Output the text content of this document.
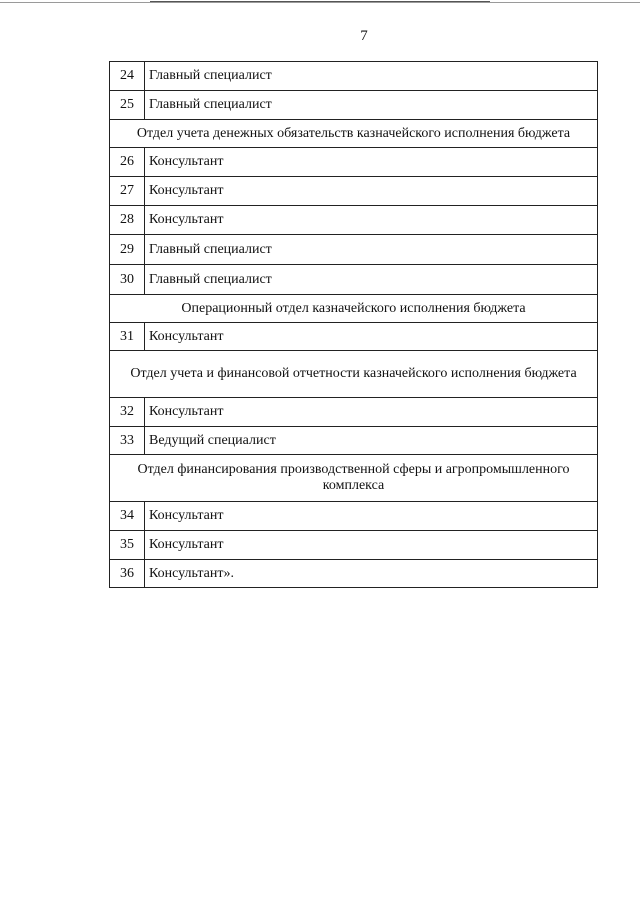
7
24	Главный специалист
25	Главный специалист
Отдел учета денежных обязательств казначейского исполнения бюджета	
26	Консультант
27	Консультант
28	Консультант
29	Главный специалист
30	Главный специалист
Операционный отдел казначейского исполнения бюджета	
31	Консультант
Отдел учета и финансовой отчетности казначейского исполнения бюджета	
32	Консультант
33	Ведущий специалист
Отдел финансирования производственной сферы и агропромышленного комплекса	
34	Консультант
35	Консультант
36	Консультант».
